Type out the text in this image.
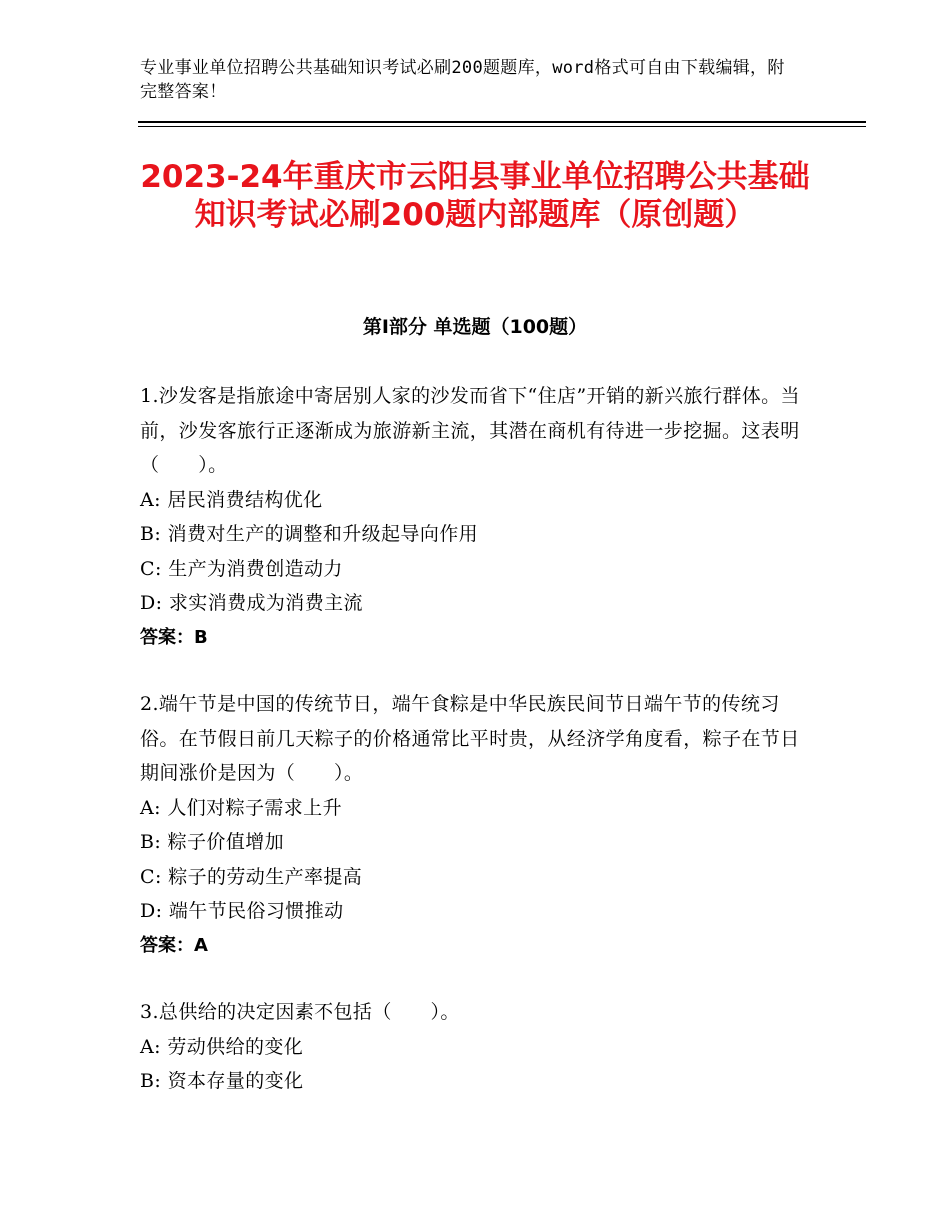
专业事业单位招聘公共基础知识考试必刷200题题库，word格式可自由下载编辑，附完整答案！
2023-24年重庆市云阳县事业单位招聘公共基础知识考试必刷200题内部题库（原创题）
第Ⅰ部分 单选题（100题）

1.沙发客是指旅途中寄居别人家的沙发而省下“住店”开销的新兴旅行群体。当前，沙发客旅行正逐渐成为旅游新主流，其潜在商机有待进一步挖掘。这表明（　　）。

A : 居民消费结构优化
B : 消费对生产的调整和升级起导向作用
C : 生产为消费创造动力
D : 求实消费成为消费主流
答案：B

2.端午节是中国的传统节日，端午食粽是中华民族民间节日端午节的传统习俗。在节假日前几天粽子的价格通常比平时贵，从经济学角度看，粽子在节日期间涨价是因为（　　）。

A : 人们对粽子需求上升
B : 粽子价值增加
C : 粽子的劳动生产率提高
D : 端午节民俗习惯推动
答案：A

3.总供给的决定因素不包括（　　）。

A : 劳动供给的变化
B : 资本存量的变化
